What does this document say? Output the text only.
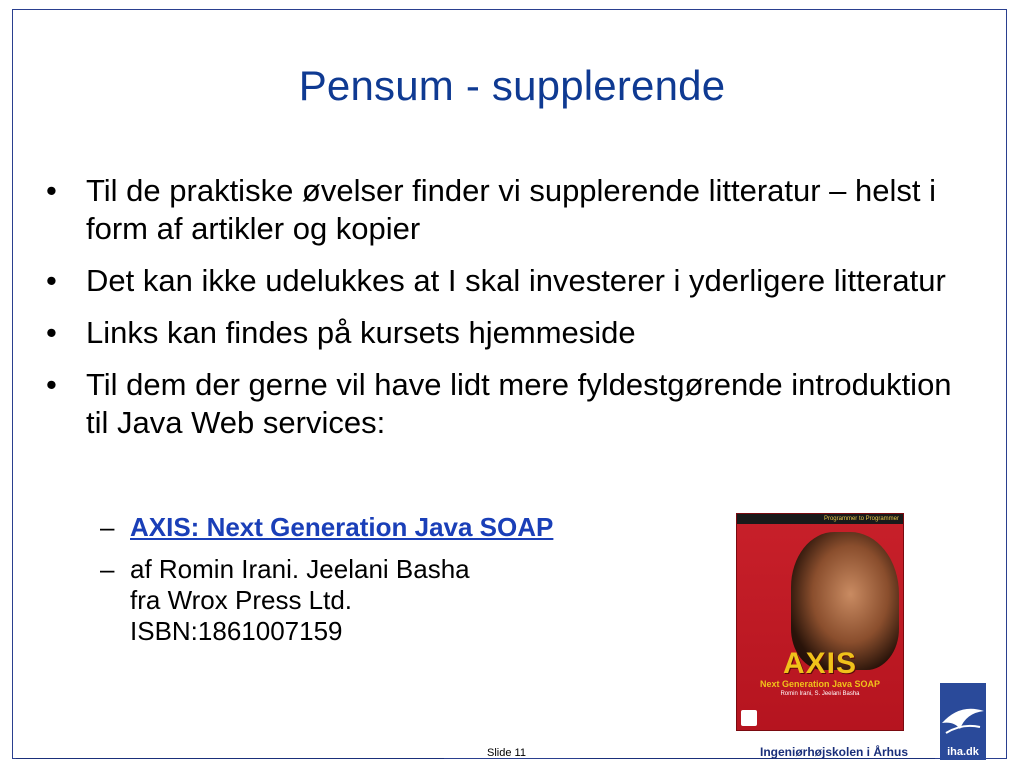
Pensum - supplerende
• Til de praktiske øvelser finder vi supplerende litteratur – helst i form af artikler og kopier
• Det kan ikke udelukkes at I skal investerer i yderligere litteratur
• Links kan findes på kursets hjemmeside
• Til dem der gerne vil have lidt mere fyldestgørende introduktion til Java Web services:
– AXIS: Next Generation Java SOAP
– af Romin Irani. Jeelani Basha
fra Wrox Press Ltd.
ISBN:1861007159
Programmer to Programmer
AXIS
Next Generation Java SOAP
Romin Irani, S. Jeelani Basha
Slide 11	Ingeniørhøjskolen i Århus	iha.dk
